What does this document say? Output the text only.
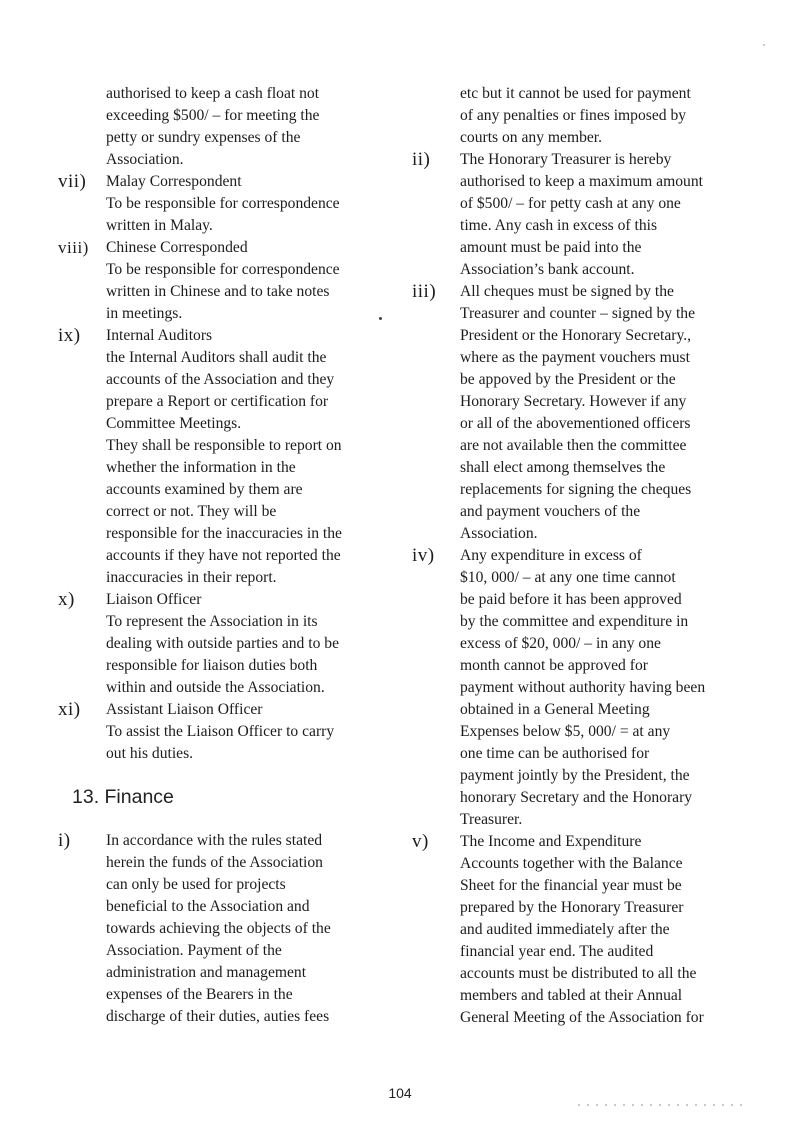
authorised to keep a cash float not
exceeding $500/ – for meeting the
petty or sundry expenses of the
Association.
vii)	Malay Correspondent
To be responsible for correspondence
written in Malay.
viii)	Chinese Corresponded
To be responsible for correspondence
written in Chinese and to take notes
in meetings.
ix)	Internal Auditors
the Internal Auditors shall audit the
accounts of the Association and they
prepare a Report or certification for
Committee Meetings.
They shall be responsible to report on
whether the information in the
accounts examined by them are
correct or not. They will be
responsible for the inaccuracies in the
accounts if they have not reported the
inaccuracies in their report.
x)	Liaison Officer
To represent the Association in its
dealing with outside parties and to be
responsible for liaison duties both
within and outside the Association.
xi)	Assistant Liaison Officer
To assist the Liaison Officer to carry
out his duties.
13. Finance
i)	In accordance with the rules stated
herein the funds of the Association
can only be used for projects
beneficial to the Association and
towards achieving the objects of the
Association. Payment of the
administration and management
expenses of the Bearers in the
discharge of their duties, auties fees
etc but it cannot be used for payment
of any penalties or fines imposed by
courts on any member.
ii)	The Honorary Treasurer is hereby
authorised to keep a maximum amount
of $500/ – for petty cash at any one
time. Any cash in excess of this
amount must be paid into the
Association’s bank account.
iii)	All cheques must be signed by the
Treasurer and counter – signed by the
President or the Honorary Secretary.,
where as the payment vouchers must
be appoved by the President or the
Honorary Secretary. However if any
or all of the abovementioned officers
are not available then the committee
shall elect among themselves the
replacements for signing the cheques
and payment vouchers of the
Association.
iv)	Any expenditure in excess of
$10, 000/ – at any one time cannot
be paid before it has been approved
by the committee and expenditure in
excess of $20, 000/ – in any one
month cannot be approved for
payment without authority having been
obtained in a General Meeting
Expenses below $5, 000/ = at any
one time can be authorised for
payment jointly by the President, the
honorary Secretary and the Honorary
Treasurer.
v)	The Income and Expenditure
Accounts together with the Balance
Sheet for the financial year must be
prepared by the Honorary Treasurer
and audited immediately after the
financial year end. The audited
accounts must be distributed to all the
members and tabled at their Annual
General Meeting of the Association for
104
